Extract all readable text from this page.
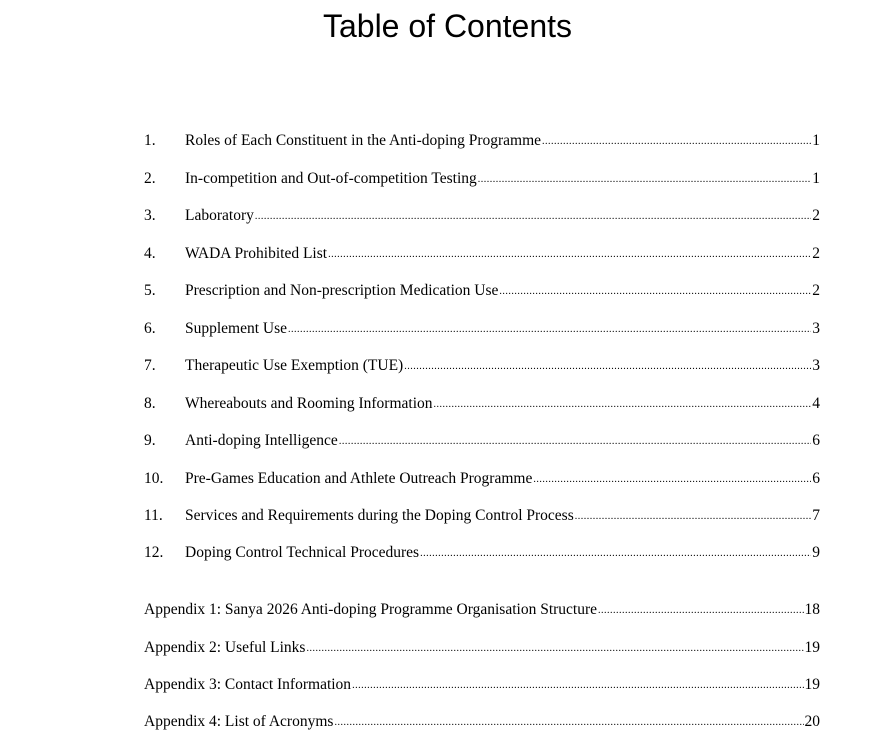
Table of Contents
1.	Roles of Each Constituent in the Anti-doping Programme .....	1
2.	In-competition and Out-of-competition Testing .....	1
3.	Laboratory .....	2
4.	WADA Prohibited List .....	2
5.	Prescription and Non-prescription Medication Use .....	2
6.	Supplement Use .....	3
7.	Therapeutic Use Exemption (TUE) .....	3
8.	Whereabouts and Rooming Information .....	4
9.	Anti-doping Intelligence .....	6
10.	Pre-Games Education and Athlete Outreach Programme .....	6
11.	Services and Requirements during the Doping Control Process .....	7
12.	Doping Control Technical Procedures .....	9
Appendix 1: Sanya 2026 Anti-doping Programme Organisation Structure .....	18
Appendix 2: Useful Links .....	19
Appendix 3: Contact Information .....	19
Appendix 4: List of Acronyms .....	20
